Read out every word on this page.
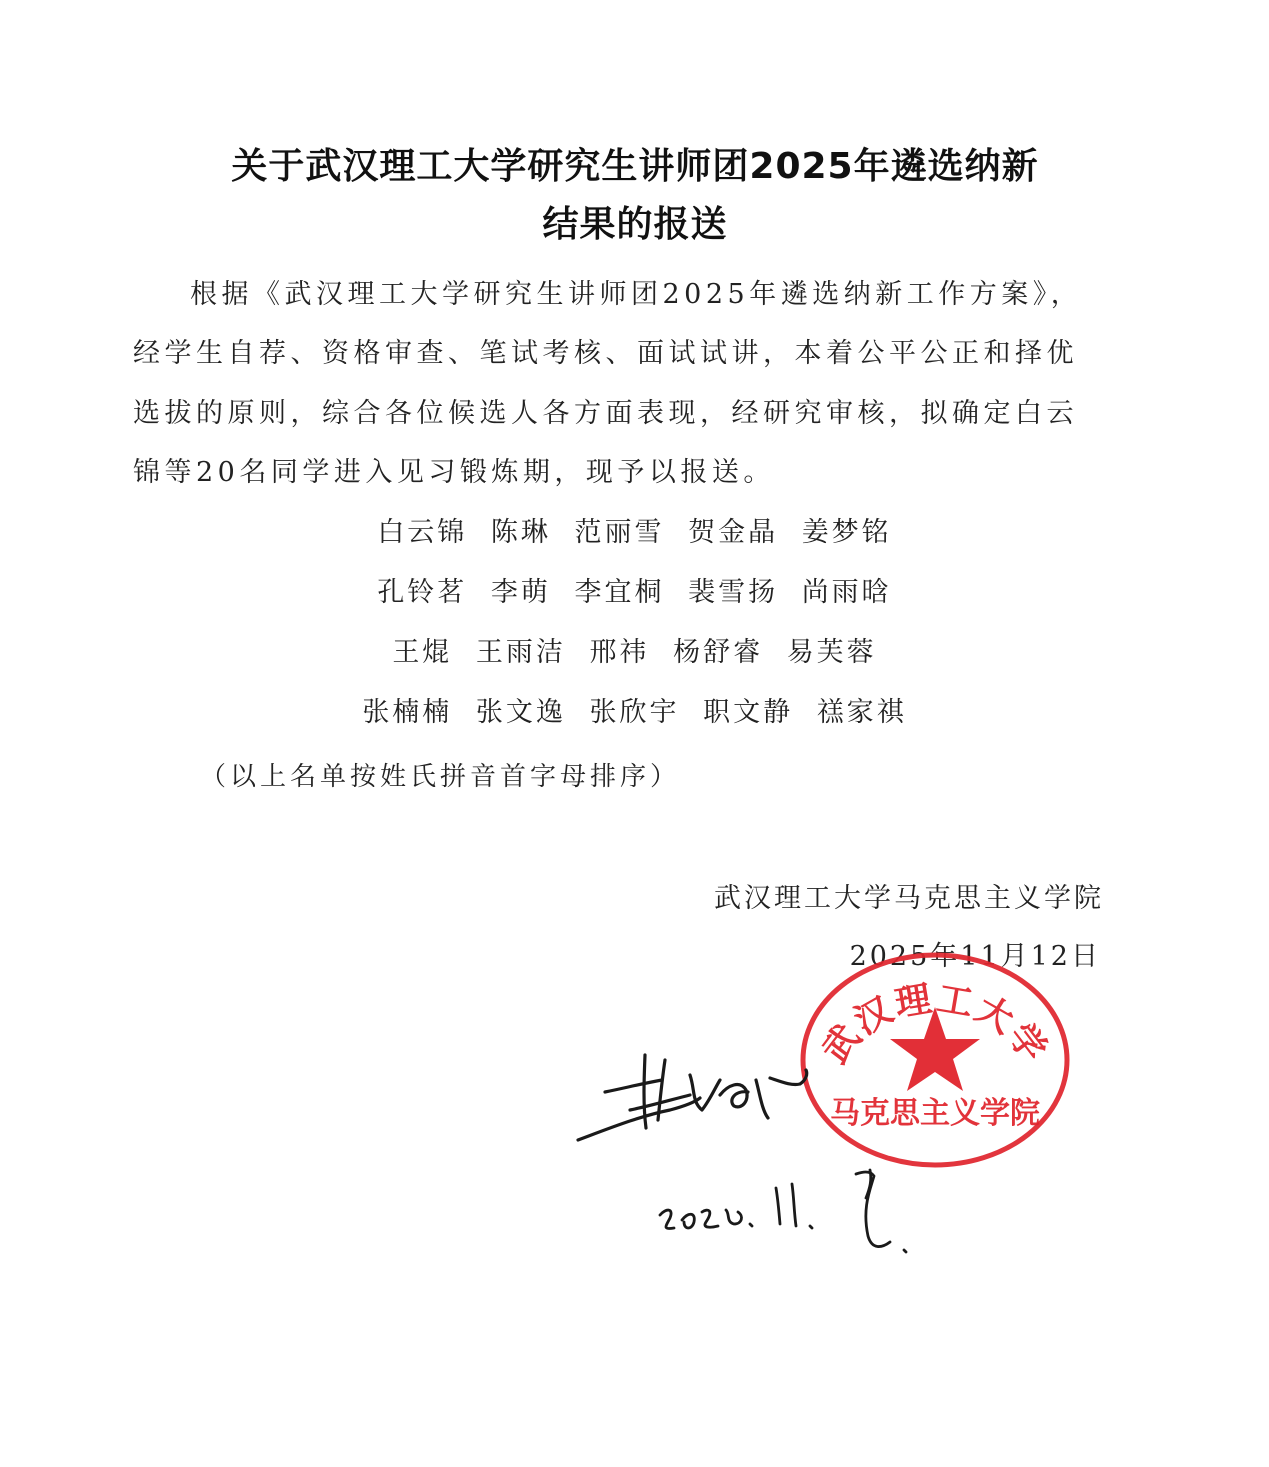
关于武汉理工大学研究生讲师团2025年遴选纳新
结果的报送
根据《武汉理工大学研究生讲师团2025年遴选纳新工作方案》，
经学生自荐、资格审查、笔试考核、面试试讲，本着公平公正和择优
选拔的原则，综合各位候选人各方面表现，经研究审核，拟确定白云
锦等20名同学进入见习锻炼期，现予以报送。
白云锦 陈琳 范丽雪 贺金晶 姜梦铭
孔铃茗 李萌 李宜桐 裴雪扬 尚雨晗
王焜 王雨洁 邢祎 杨舒睿 易芙蓉
张楠楠 张文逸 张欣宇 职文静 禚家祺
（以上名单按姓氏拼音首字母排序）
武汉理工大学马克思主义学院
2025年11月12日
武汉理工大学
马克思主义学院
